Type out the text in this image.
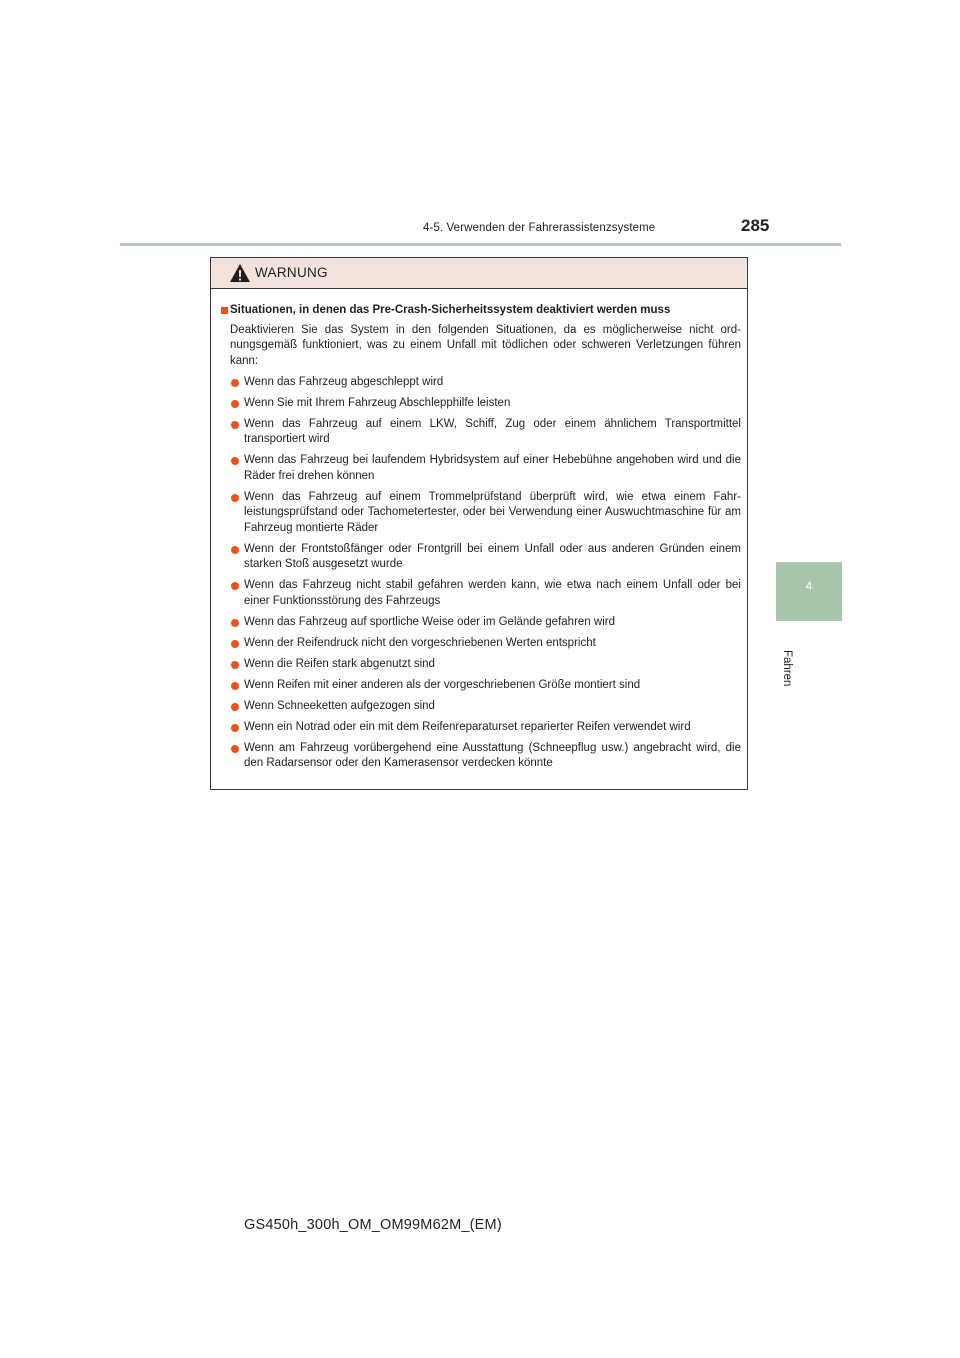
4-5. Verwenden der Fahrerassistenzsysteme	285
4
Fahren
WARNUNG
Situationen, in denen das Pre-Crash-Sicherheitssystem deaktiviert werden muss
Deaktivieren Sie das System in den folgenden Situationen, da es möglicherweise nicht ordnungsgemäß funktioniert, was zu einem Unfall mit tödlichen oder schweren Verletzungen führen kann:
Wenn das Fahrzeug abgeschleppt wird
Wenn Sie mit Ihrem Fahrzeug Abschlepphilfe leisten
Wenn das Fahrzeug auf einem LKW, Schiff, Zug oder einem ähnlichem Transportmittel transportiert wird
Wenn das Fahrzeug bei laufendem Hybridsystem auf einer Hebebühne angehoben wird und die Räder frei drehen können
Wenn das Fahrzeug auf einem Trommelprüfstand überprüft wird, wie etwa einem Fahrleistungsprüfstand oder Tachometertester, oder bei Verwendung einer Auswuchtmaschine für am Fahrzeug montierte Räder
Wenn der Frontstoßfänger oder Frontgrill bei einem Unfall oder aus anderen Gründen einem starken Stoß ausgesetzt wurde
Wenn das Fahrzeug nicht stabil gefahren werden kann, wie etwa nach einem Unfall oder bei einer Funktionsstörung des Fahrzeugs
Wenn das Fahrzeug auf sportliche Weise oder im Gelände gefahren wird
Wenn der Reifendruck nicht den vorgeschriebenen Werten entspricht
Wenn die Reifen stark abgenutzt sind
Wenn Reifen mit einer anderen als der vorgeschriebenen Größe montiert sind
Wenn Schneeketten aufgezogen sind
Wenn ein Notrad oder ein mit dem Reifenreparaturset reparierter Reifen verwendet wird
Wenn am Fahrzeug vorübergehend eine Ausstattung (Schneepflug usw.) angebracht wird, die den Radarsensor oder den Kamerasensor verdecken könnte
GS450h_300h_OM_OM99M62M_(EM)
